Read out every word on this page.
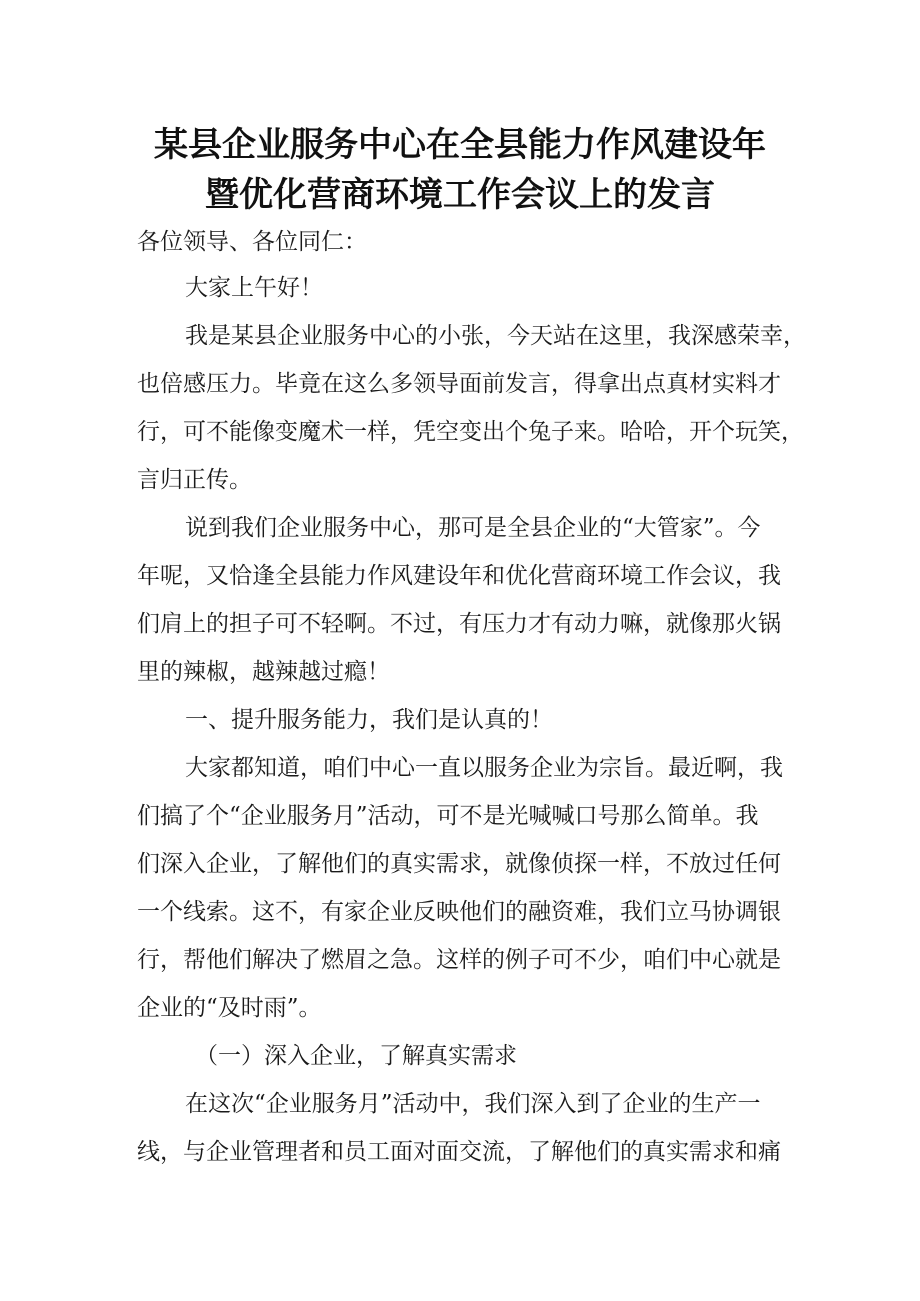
某县企业服务中心在全县能力作风建设年
暨优化营商环境工作会议上的发言
各位领导、各位同仁：
大家上午好！
我是某县企业服务中心的小张，今天站在这里，我深感荣幸，
也倍感压力。毕竟在这么多领导面前发言，得拿出点真材实料才
行，可不能像变魔术一样，凭空变出个兔子来。哈哈，开个玩笑，
言归正传。
说到我们企业服务中心，那可是全县企业的“大管家”。今
年呢，又恰逢全县能力作风建设年和优化营商环境工作会议，我
们肩上的担子可不轻啊。不过，有压力才有动力嘛，就像那火锅
里的辣椒，越辣越过瘾！
一、提升服务能力，我们是认真的！
大家都知道，咱们中心一直以服务企业为宗旨。最近啊，我
们搞了个“企业服务月”活动，可不是光喊喊口号那么简单。我
们深入企业，了解他们的真实需求，就像侦探一样，不放过任何
一个线索。这不，有家企业反映他们的融资难，我们立马协调银
行，帮他们解决了燃眉之急。这样的例子可不少，咱们中心就是
企业的“及时雨”。
（一）深入企业，了解真实需求
在这次“企业服务月”活动中，我们深入到了企业的生产一
线，与企业管理者和员工面对面交流，了解他们的真实需求和痛
